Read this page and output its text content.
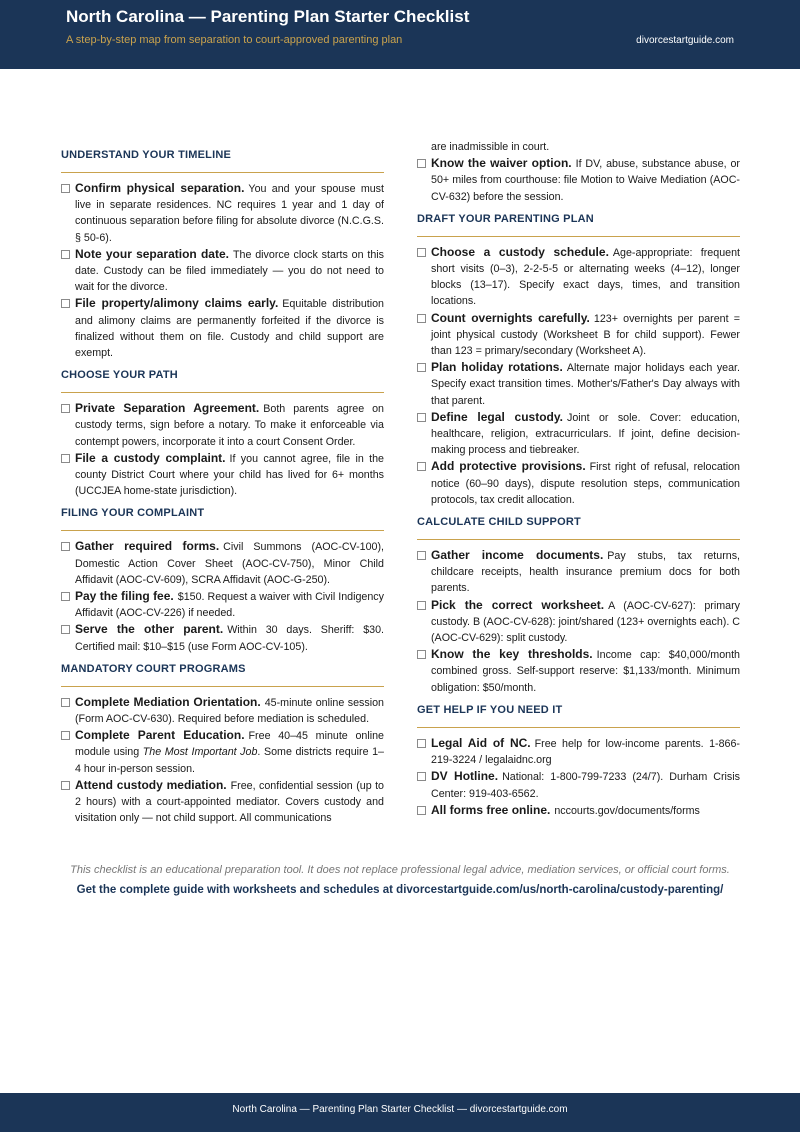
North Carolina — Parenting Plan Starter Checklist
A step-by-step map from separation to court-approved parenting plan	divorcestartguide.com
UNDERSTAND YOUR TIMELINE
Confirm physical separation. You and your spouse must live in separate residences. NC requires 1 year and 1 day of continuous separation before filing for absolute divorce (N.C.G.S. § 50-6).
Note your separation date. The divorce clock starts on this date. Custody can be filed immediately — you do not need to wait for the divorce.
File property/alimony claims early. Equitable distribution and alimony claims are permanently forfeited if the divorce is finalized without them on file. Custody and child support are exempt.
CHOOSE YOUR PATH
Private Separation Agreement. Both parents agree on custody terms, sign before a notary. To make it enforceable via contempt powers, incorporate it into a court Consent Order.
File a custody complaint. If you cannot agree, file in the county District Court where your child has lived for 6+ months (UCCJEA home-state jurisdiction).
FILING YOUR COMPLAINT
Gather required forms. Civil Summons (AOC-CV-100), Domestic Action Cover Sheet (AOC-CV-750), Minor Child Affidavit (AOC-CV-609), SCRA Affidavit (AOC-G-250).
Pay the filing fee. $150. Request a waiver with Civil Indigency Affidavit (AOC-CV-226) if needed.
Serve the other parent. Within 30 days. Sheriff: $30. Certified mail: $10–$15 (use Form AOC-CV-105).
MANDATORY COURT PROGRAMS
Complete Mediation Orientation. 45-minute online session (Form AOC-CV-630). Required before mediation is scheduled.
Complete Parent Education. Free 40–45 minute online module using The Most Important Job. Some districts require 1–4 hour in-person session.
Attend custody mediation. Free, confidential session (up to 2 hours) with a court-appointed mediator. Covers custody and visitation only — not child support. All communications
are inadmissible in court.
Know the waiver option. If DV, abuse, substance abuse, or 50+ miles from courthouse: file Motion to Waive Mediation (AOC-CV-632) before the session.
DRAFT YOUR PARENTING PLAN
Choose a custody schedule. Age-appropriate: frequent short visits (0–3), 2-2-5-5 or alternating weeks (4–12), longer blocks (13–17). Specify exact days, times, and transition locations.
Count overnights carefully. 123+ overnights per parent = joint physical custody (Worksheet B for child support). Fewer than 123 = primary/secondary (Worksheet A).
Plan holiday rotations. Alternate major holidays each year. Specify exact transition times. Mother's/Father's Day always with that parent.
Define legal custody. Joint or sole. Cover: education, healthcare, religion, extracurriculars. If joint, define decision-making process and tiebreaker.
Add protective provisions. First right of refusal, relocation notice (60–90 days), dispute resolution steps, communication protocols, tax credit allocation.
CALCULATE CHILD SUPPORT
Gather income documents. Pay stubs, tax returns, childcare receipts, health insurance premium docs for both parents.
Pick the correct worksheet. A (AOC-CV-627): primary custody. B (AOC-CV-628): joint/shared (123+ overnights each). C (AOC-CV-629): split custody.
Know the key thresholds. Income cap: $40,000/month combined gross. Self-support reserve: $1,133/month. Minimum obligation: $50/month.
GET HELP IF YOU NEED IT
Legal Aid of NC. Free help for low-income parents. 1-866-219-3224 / legalaidnc.org
DV Hotline. National: 1-800-799-7233 (24/7). Durham Crisis Center: 919-403-6562.
All forms free online. nccourts.gov/documents/forms
This checklist is an educational preparation tool. It does not replace professional legal advice, mediation services, or official court forms.
Get the complete guide with worksheets and schedules at divorcestartguide.com/us/north-carolina/custody-parenting/
North Carolina — Parenting Plan Starter Checklist — divorcestartguide.com
